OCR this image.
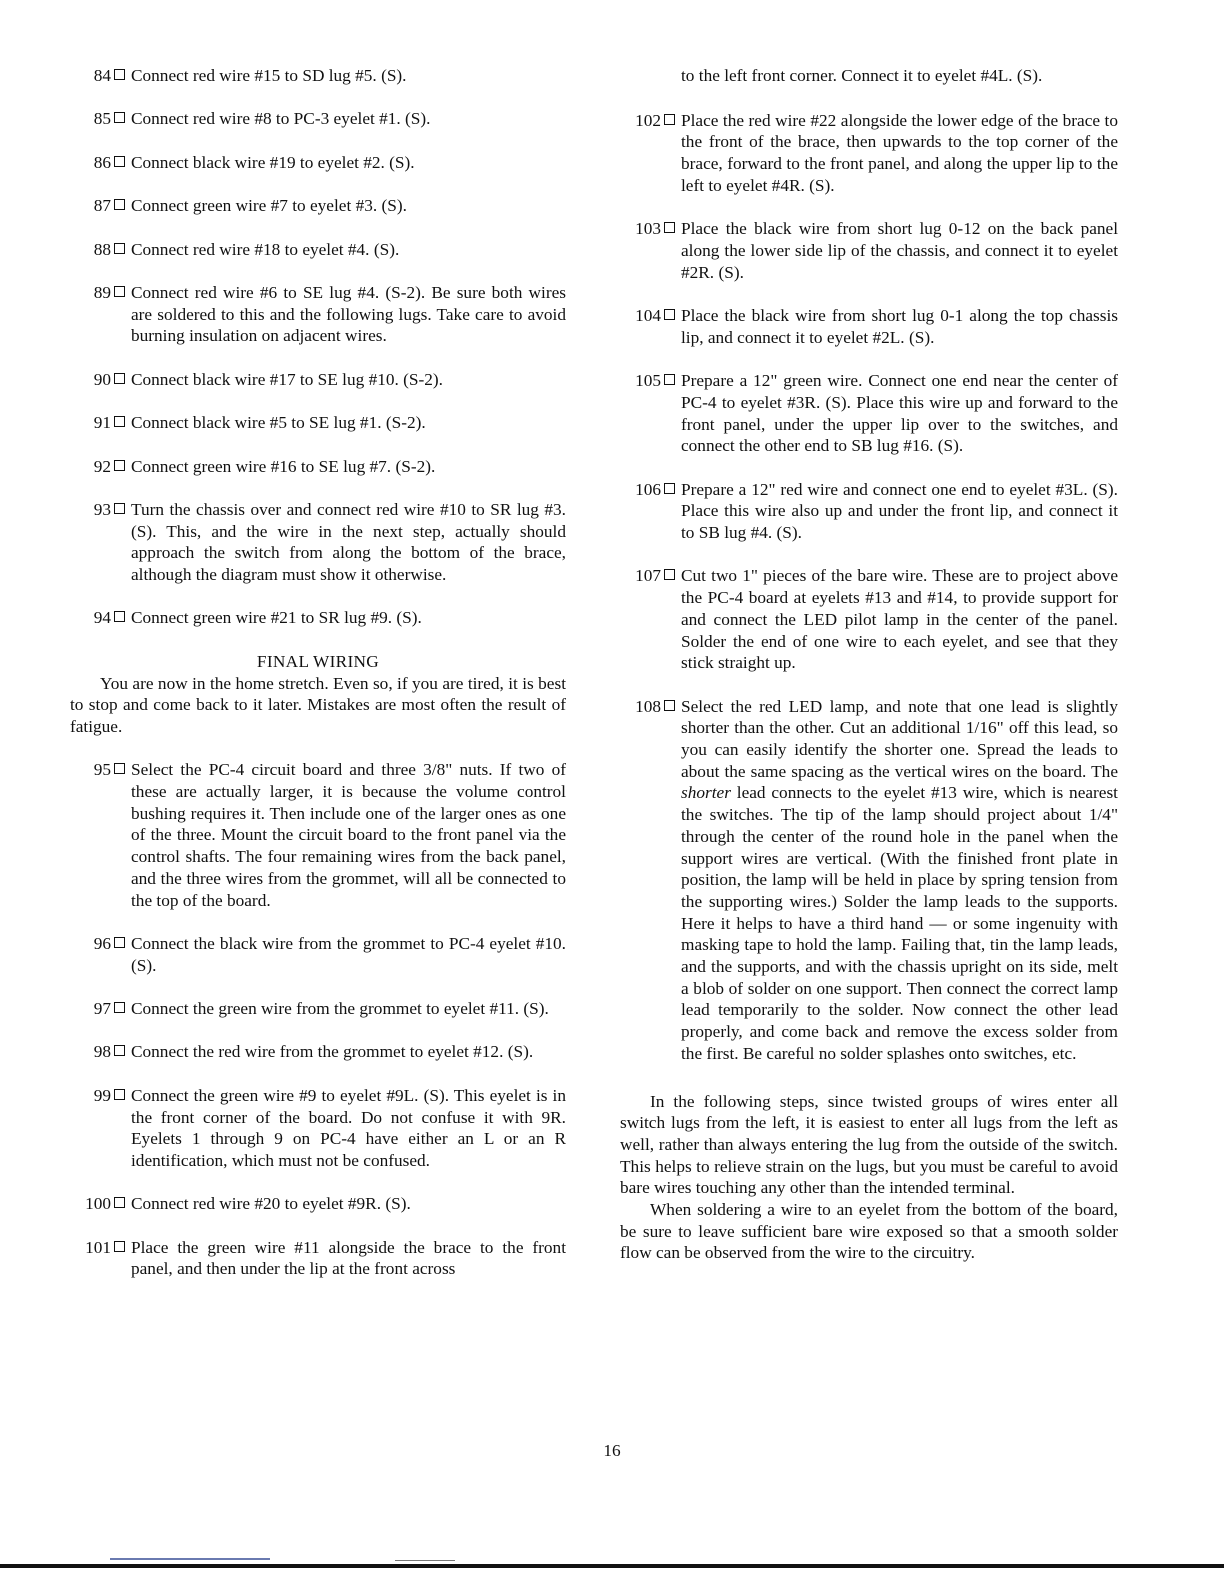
84 Connect red wire #15 to SD lug #5. (S).
85 Connect red wire #8 to PC-3 eyelet #1. (S).
86 Connect black wire #19 to eyelet #2. (S).
87 Connect green wire #7 to eyelet #3. (S).
88 Connect red wire #18 to eyelet #4. (S).
89 Connect red wire #6 to SE lug #4. (S-2). Be sure both wires are soldered to this and the following lugs. Take care to avoid burning insulation on adjacent wires.
90 Connect black wire #17 to SE lug #10. (S-2).
91 Connect black wire #5 to SE lug #1. (S-2).
92 Connect green wire #16 to SE lug #7. (S-2).
93 Turn the chassis over and connect red wire #10 to SR lug #3. (S). This, and the wire in the next step, actually should approach the switch from along the bottom of the brace, although the diagram must show it otherwise.
94 Connect green wire #21 to SR lug #9. (S).
FINAL WIRING

You are now in the home stretch. Even so, if you are tired, it is best to stop and come back to it later. Mistakes are most often the result of fatigue.

95 Select the PC-4 circuit board and three 3/8" nuts. If two of these are actually larger, it is because the volume control bushing requires it. Then include one of the larger ones as one of the three. Mount the circuit board to the front panel via the control shafts. The four remaining wires from the back panel, and the three wires from the grommet, will all be connected to the top of the board.
96 Connect the black wire from the grommet to PC-4 eyelet #10. (S).
97 Connect the green wire from the grommet to eyelet #11. (S).
98 Connect the red wire from the grommet to eyelet #12. (S).
99 Connect the green wire #9 to eyelet #9L. (S). This eyelet is in the front corner of the board. Do not confuse it with 9R. Eyelets 1 through 9 on PC-4 have either an L or an R identification, which must not be confused.
100 Connect red wire #20 to eyelet #9R. (S).
101 Place the green wire #11 alongside the brace to the front panel, and then under the lip at the front across
to the left front corner. Connect it to eyelet #4L. (S).
102 Place the red wire #22 alongside the lower edge of the brace to the front of the brace, then upwards to the top corner of the brace, forward to the front panel, and along the upper lip to the left to eyelet #4R. (S).
103 Place the black wire from short lug 0-12 on the back panel along the lower side lip of the chassis, and connect it to eyelet #2R. (S).
104 Place the black wire from short lug 0-1 along the top chassis lip, and connect it to eyelet #2L. (S).
105 Prepare a 12" green wire. Connect one end near the center of PC-4 to eyelet #3R. (S). Place this wire up and forward to the front panel, under the upper lip over to the switches, and connect the other end to SB lug #16. (S).
106 Prepare a 12" red wire and connect one end to eyelet #3L. (S). Place this wire also up and under the front lip, and connect it to SB lug #4. (S).
107 Cut two 1" pieces of the bare wire. These are to project above the PC-4 board at eyelets #13 and #14, to provide support for and connect the LED pilot lamp in the center of the panel. Solder the end of one wire to each eyelet, and see that they stick straight up.
108 Select the red LED lamp, and note that one lead is slightly shorter than the other. Cut an additional 1/16" off this lead, so you can easily identify the shorter one. Spread the leads to about the same spacing as the vertical wires on the board. The shorter lead connects to the eyelet #13 wire, which is nearest the switches. The tip of the lamp should project about 1/4" through the center of the round hole in the panel when the support wires are vertical. (With the finished front plate in position, the lamp will be held in place by spring tension from the supporting wires.) Solder the lamp leads to the supports. Here it helps to have a third hand — or some ingenuity with masking tape to hold the lamp. Failing that, tin the lamp leads, and the supports, and with the chassis upright on its side, melt a blob of solder on one support. Then connect the correct lamp lead temporarily to the solder. Now connect the other lead properly, and come back and remove the excess solder from the first. Be careful no solder splashes onto switches, etc.

In the following steps, since twisted groups of wires enter all switch lugs from the left, it is easiest to enter all lugs from the left as well, rather than always entering the lug from the outside of the switch. This helps to relieve strain on the lugs, but you must be careful to avoid bare wires touching any other than the intended terminal.

When soldering a wire to an eyelet from the bottom of the board, be sure to leave sufficient bare wire exposed so that a smooth solder flow can be observed from the wire to the circuitry.

16
